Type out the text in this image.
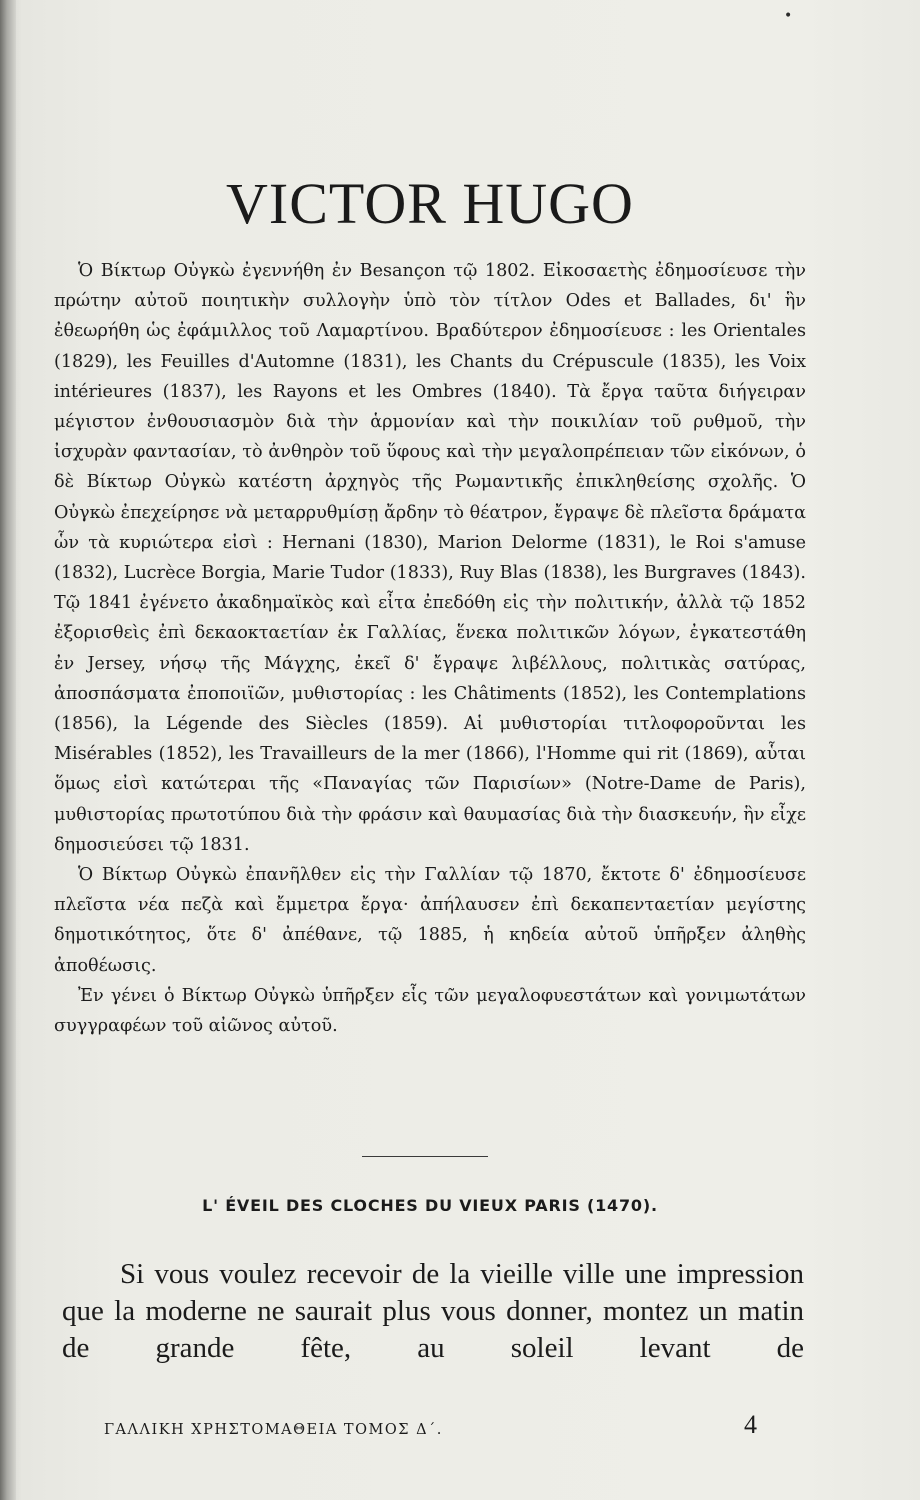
•
VICTOR HUGO

Ὁ Βίκτωρ Οὐγκὼ ἐγεννήθη ἐν Besançon τῷ 1802. Εἰκοσαετὴς ἐδημοσίευσε τὴν πρώτην αὐτοῦ ποιητικὴν συλλογὴν ὑπὸ τὸν τίτλον Odes et Ballades, δι' ἣν ἐθεωρήθη ὡς ἐφάμιλλος τοῦ Λαμαρτίνου. Βραδύτερον ἐδημοσίευσε : les Orientales (1829), les Feuilles d'Automne (1831), les Chants du Crépuscule (1835), les Voix intérieures (1837), les Rayons et les Ombres (1840). Τὰ ἔργα ταῦτα διήγειραν μέγιστον ἐνθουσιασμὸν διὰ τὴν ἁρμονίαν καὶ τὴν ποικιλίαν τοῦ ρυθμοῦ, τὴν ἰσχυρὰν φαντασίαν, τὸ ἀνθηρὸν τοῦ ὕφους καὶ τὴν μεγαλοπρέπειαν τῶν εἰκόνων, ὁ δὲ Βίκτωρ Οὐγκὼ κατέστη ἀρχηγὸς τῆς Ρωμαντικῆς ἐπικληθείσης σχολῆς. Ὁ Οὐγκὼ ἐπεχείρησε νὰ μεταρρυθμίσῃ ἄρδην τὸ θέατρον, ἔγραψε δὲ πλεῖστα δράματα ὧν τὰ κυριώτερα εἰσὶ : Hernani (1830), Marion Delorme (1831), le Roi s'amuse (1832), Lucrèce Borgia, Marie Tudor (1833), Ruy Blas (1838), les Burgraves (1843). Τῷ 1841 ἐγένετο ἀκαδημαϊκὸς καὶ εἶτα ἐπεδόθη εἰς τὴν πολιτικήν, ἀλλὰ τῷ 1852 ἐξορισθεὶς ἐπὶ δεκαοκταετίαν ἐκ Γαλλίας, ἕνεκα πολιτικῶν λόγων, ἐγκατεστάθη ἐν Jersey, νήσῳ τῆς Μάγχης, ἐκεῖ δ' ἔγραψε λιβέλλους, πολιτικὰς σατύρας, ἀποσπάσματα ἐποποιϊῶν, μυθιστορίας : les Châtiments (1852), les Contemplations (1856), la Légende des Siècles (1859). Αἱ μυθιστορίαι τιτλοφοροῦνται les Misérables (1852), les Travailleurs de la mer (1866), l'Homme qui rit (1869), αὗται ὅμως εἰσὶ κατώτεραι τῆς «Παναγίας τῶν Παρισίων» (Notre-Dame de Paris), μυθιστορίας πρωτοτύπου διὰ τὴν φράσιν καὶ θαυμασίας διὰ τὴν διασκευήν, ἣν εἶχε δημοσιεύσει τῷ 1831.

Ὁ Βίκτωρ Οὐγκὼ ἐπανῆλθεν εἰς τὴν Γαλλίαν τῷ 1870, ἔκτοτε δ' ἐδημοσίευσε πλεῖστα νέα πεζὰ καὶ ἔμμετρα ἔργα· ἀπήλαυσεν ἐπὶ δεκαπενταετίαν μεγίστης δημοτικότητος, ὅτε δ' ἀπέθανε, τῷ 1885, ἡ κηδεία αὐτοῦ ὑπῆρξεν ἀληθὴς ἀποθέωσις.

Ἐν γένει ὁ Βίκτωρ Οὐγκὼ ὑπῆρξεν εἷς τῶν μεγαλοφυεστάτων καὶ γονιμωτάτων συγγραφέων τοῦ αἰῶνος αὐτοῦ.

L' ÉVEIL DES CLOCHES DU VIEUX PARIS (1470).

Si vous voulez recevoir de la vieille ville une impression que la moderne ne saurait plus vous donner, montez un matin de grande fête, au soleil levant de

ΓΑΛΛΙΚΗ ΧΡΗΣΤΟΜΑΘΕΙΑ ΤΟΜΟΣ Δ΄.	4
